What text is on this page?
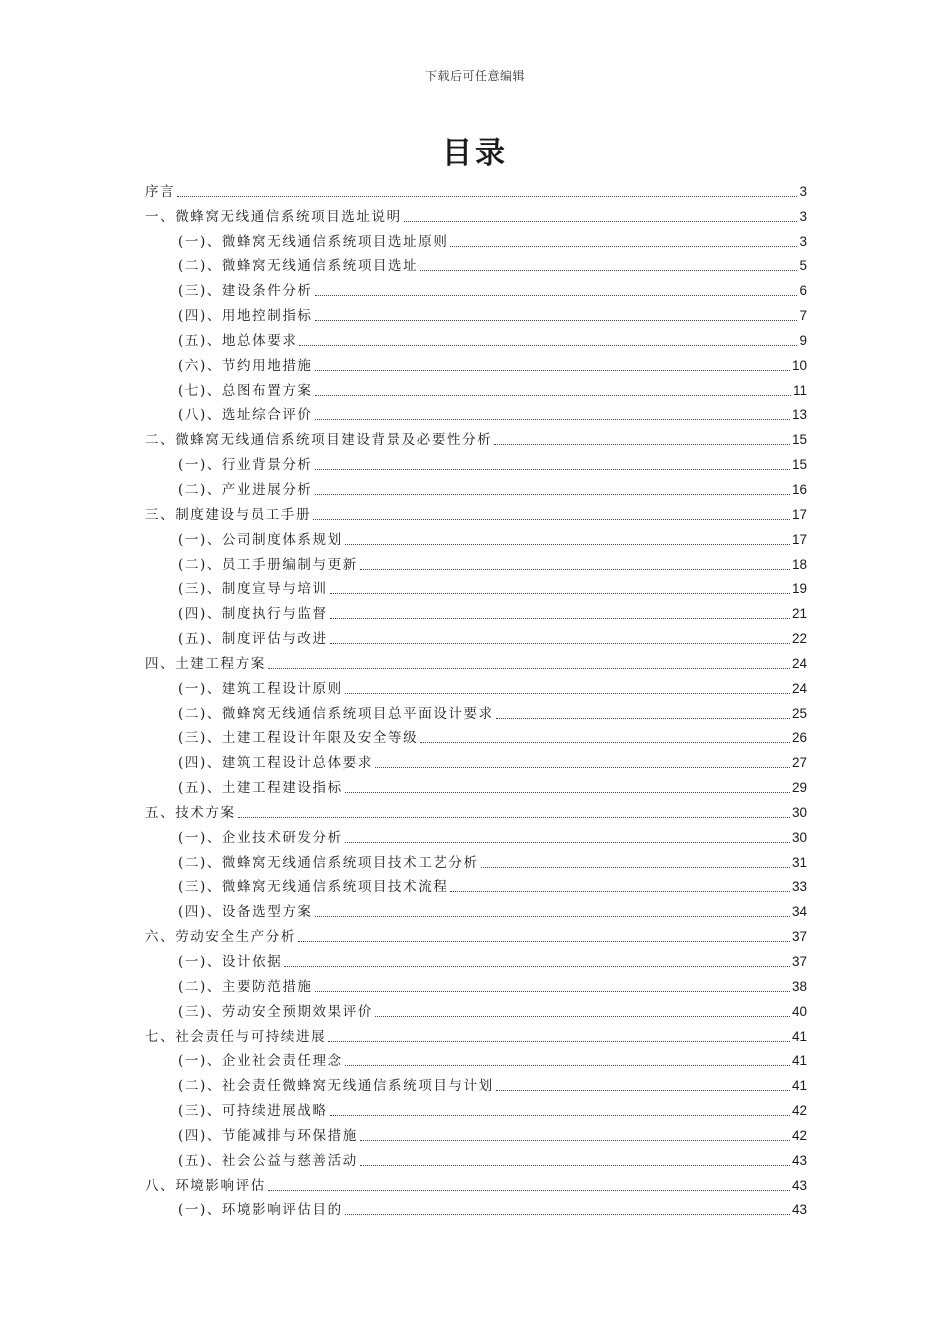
下载后可任意编辑
目录
序言	3
一、微蜂窝无线通信系统项目选址说明	3
(一)、微蜂窝无线通信系统项目选址原则	3
(二)、微蜂窝无线通信系统项目选址	5
(三)、建设条件分析	6
(四)、用地控制指标	7
(五)、地总体要求	9
(六)、节约用地措施	10
(七)、总图布置方案	11
(八)、选址综合评价	13
二、微蜂窝无线通信系统项目建设背景及必要性分析	15
(一)、行业背景分析	15
(二)、产业进展分析	16
三、制度建设与员工手册	17
(一)、公司制度体系规划	17
(二)、员工手册编制与更新	18
(三)、制度宣导与培训	19
(四)、制度执行与监督	21
(五)、制度评估与改进	22
四、土建工程方案	24
(一)、建筑工程设计原则	24
(二)、微蜂窝无线通信系统项目总平面设计要求	25
(三)、土建工程设计年限及安全等级	26
(四)、建筑工程设计总体要求	27
(五)、土建工程建设指标	29
五、技术方案	30
(一)、企业技术研发分析	30
(二)、微蜂窝无线通信系统项目技术工艺分析	31
(三)、微蜂窝无线通信系统项目技术流程	33
(四)、设备选型方案	34
六、劳动安全生产分析	37
(一)、设计依据	37
(二)、主要防范措施	38
(三)、劳动安全预期效果评价	40
七、社会责任与可持续进展	41
(一)、企业社会责任理念	41
(二)、社会责任微蜂窝无线通信系统项目与计划	41
(三)、可持续进展战略	42
(四)、节能减排与环保措施	42
(五)、社会公益与慈善活动	43
八、环境影响评估	43
(一)、环境影响评估目的	43
